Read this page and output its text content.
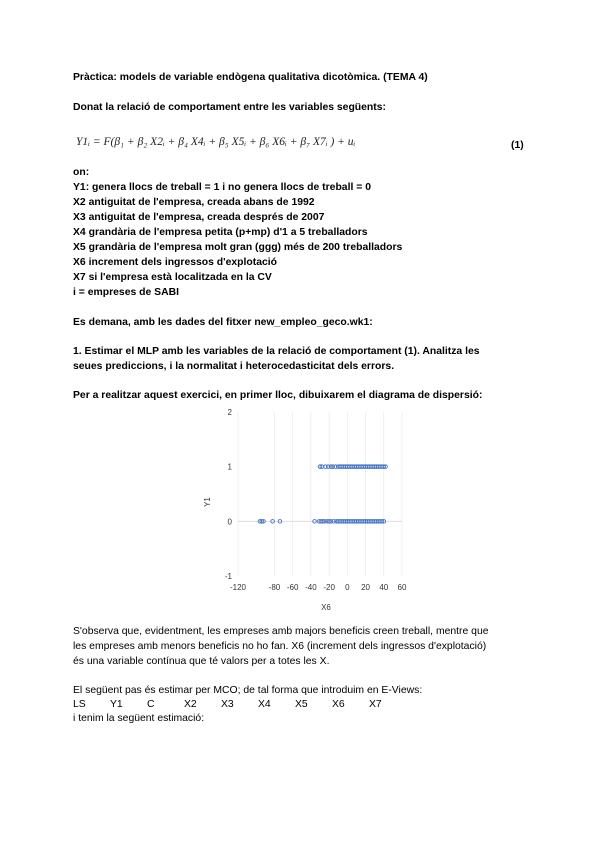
Pràctica: models de variable endògena qualitativa dicotòmica. (TEMA 4)
Donat la relació de comportament entre les variables següents:
Y1ᵢ = F(β₁ + β₂ X2ᵢ + β₄ X4ᵢ + β₅ X5ᵢ + β₆ X6ᵢ + β₇ X7ᵢ ) + uᵢ	(1)
on:
Y1: genera llocs de treball = 1 i no genera llocs de treball = 0
X2 antiguitat de l'empresa, creada abans de 1992
X3 antiguitat de l'empresa, creada després de 2007
X4 grandària de l'empresa petita (p+mp) d'1 a 5 treballadors
X5 grandària de l'empresa molt gran (ggg) més de 200 treballadors
X6 increment dels ingressos d'explotació
X7 si l'empresa està localitzada en la CV
i = empreses de SABI
Es demana, amb les dades del fitxer new_empleo_geco.wk1:
1. Estimar el MLP amb les variables de la relació de comportament (1). Analitza les
seues prediccions, i la normalitat i heterocedasticitat dels errors.
Per a realitzar aquest exercici, en primer lloc, dibuixarem el diagrama de dispersió:
2
1
0
-1
-120	-80 -60 -40 -20 0 20 40 60
X6
Y1
S'observa que, evidentment, les empreses amb majors beneficis creen treball, mentre que
les empreses amb menors beneficis no ho fan. X6 (increment dels ingressos d'explotació)
és una variable contínua que té valors per a totes les X.
El següent pas és estimar per MCO; de tal forma que introduim en E-Views:
LS Y1 C	X2 X3 X4 X5 X6 X7
i tenim la següent estimació:
